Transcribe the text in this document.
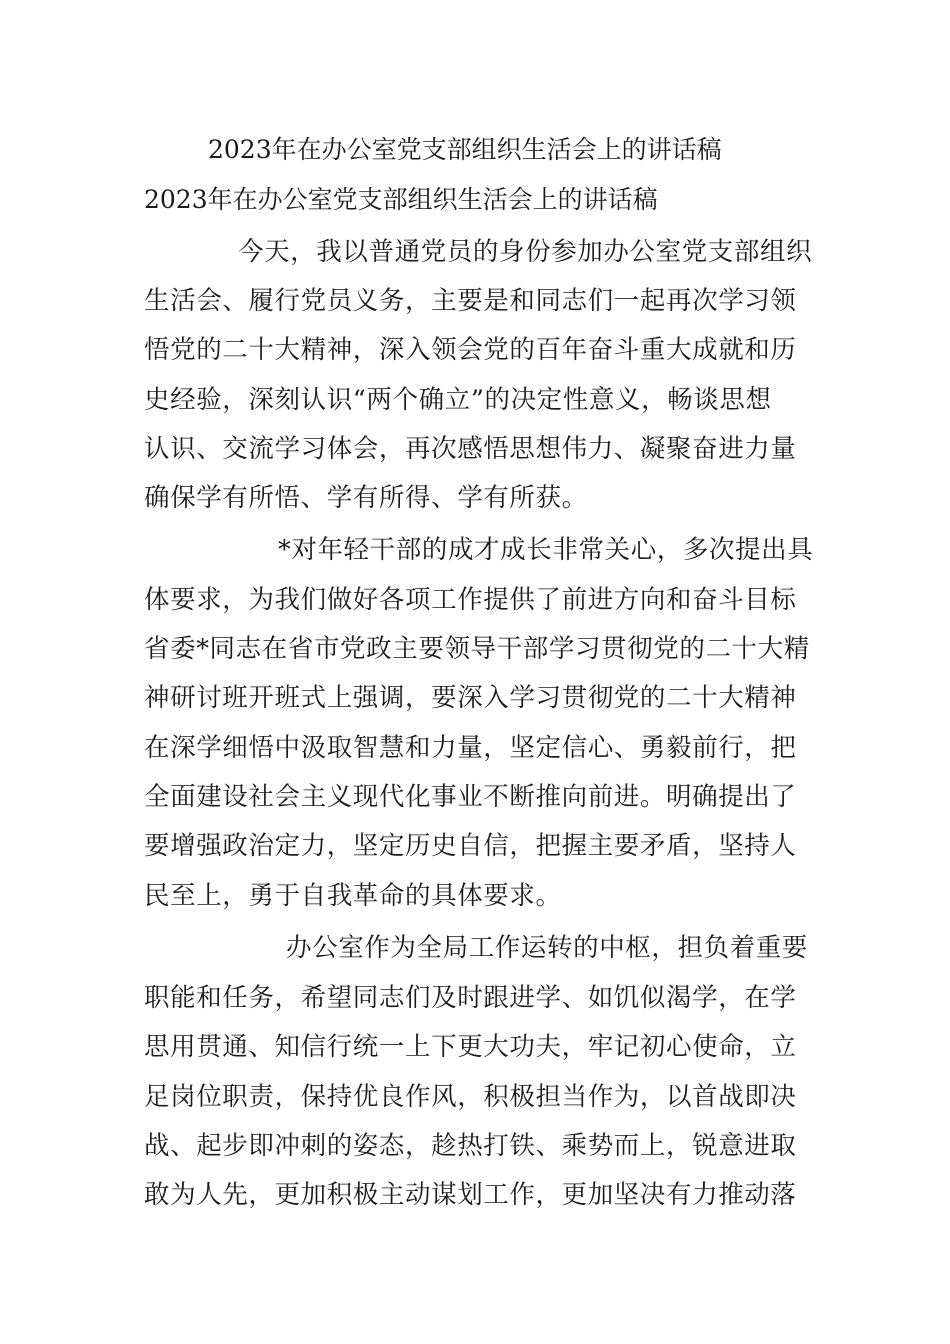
2023年在办公室党支部组织生活会上的讲话稿
2023年在办公室党支部组织生活会上的讲话稿
今天，我以普通党员的身份参加办公室党支部组织
生活会、履行党员义务，主要是和同志们一起再次学习领
悟党的二十大精神，深入领会党的百年奋斗重大成就和历
史经验，深刻认识“两个确立”的决定性意义，畅谈思想
认识、交流学习体会，再次感悟思想伟力、凝聚奋进力量
确保学有所悟、学有所得、学有所获。
*对年轻干部的成才成长非常关心，多次提出具
体要求，为我们做好各项工作提供了前进方向和奋斗目标
省委*同志在省市党政主要领导干部学习贯彻党的二十大精
神研讨班开班式上强调，要深入学习贯彻党的二十大精神
在深学细悟中汲取智慧和力量，坚定信心、勇毅前行，把
全面建设社会主义现代化事业不断推向前进。明确提出了
要增强政治定力，坚定历史自信，把握主要矛盾，坚持人
民至上，勇于自我革命的具体要求。
办公室作为全局工作运转的中枢，担负着重要
职能和任务，希望同志们及时跟进学、如饥似渴学，在学
思用贯通、知信行统一上下更大功夫，牢记初心使命，立
足岗位职责，保持优良作风，积极担当作为，以首战即决
战、起步即冲刺的姿态，趁热打铁、乘势而上，锐意进取
敢为人先，更加积极主动谋划工作，更加坚决有力推动落
